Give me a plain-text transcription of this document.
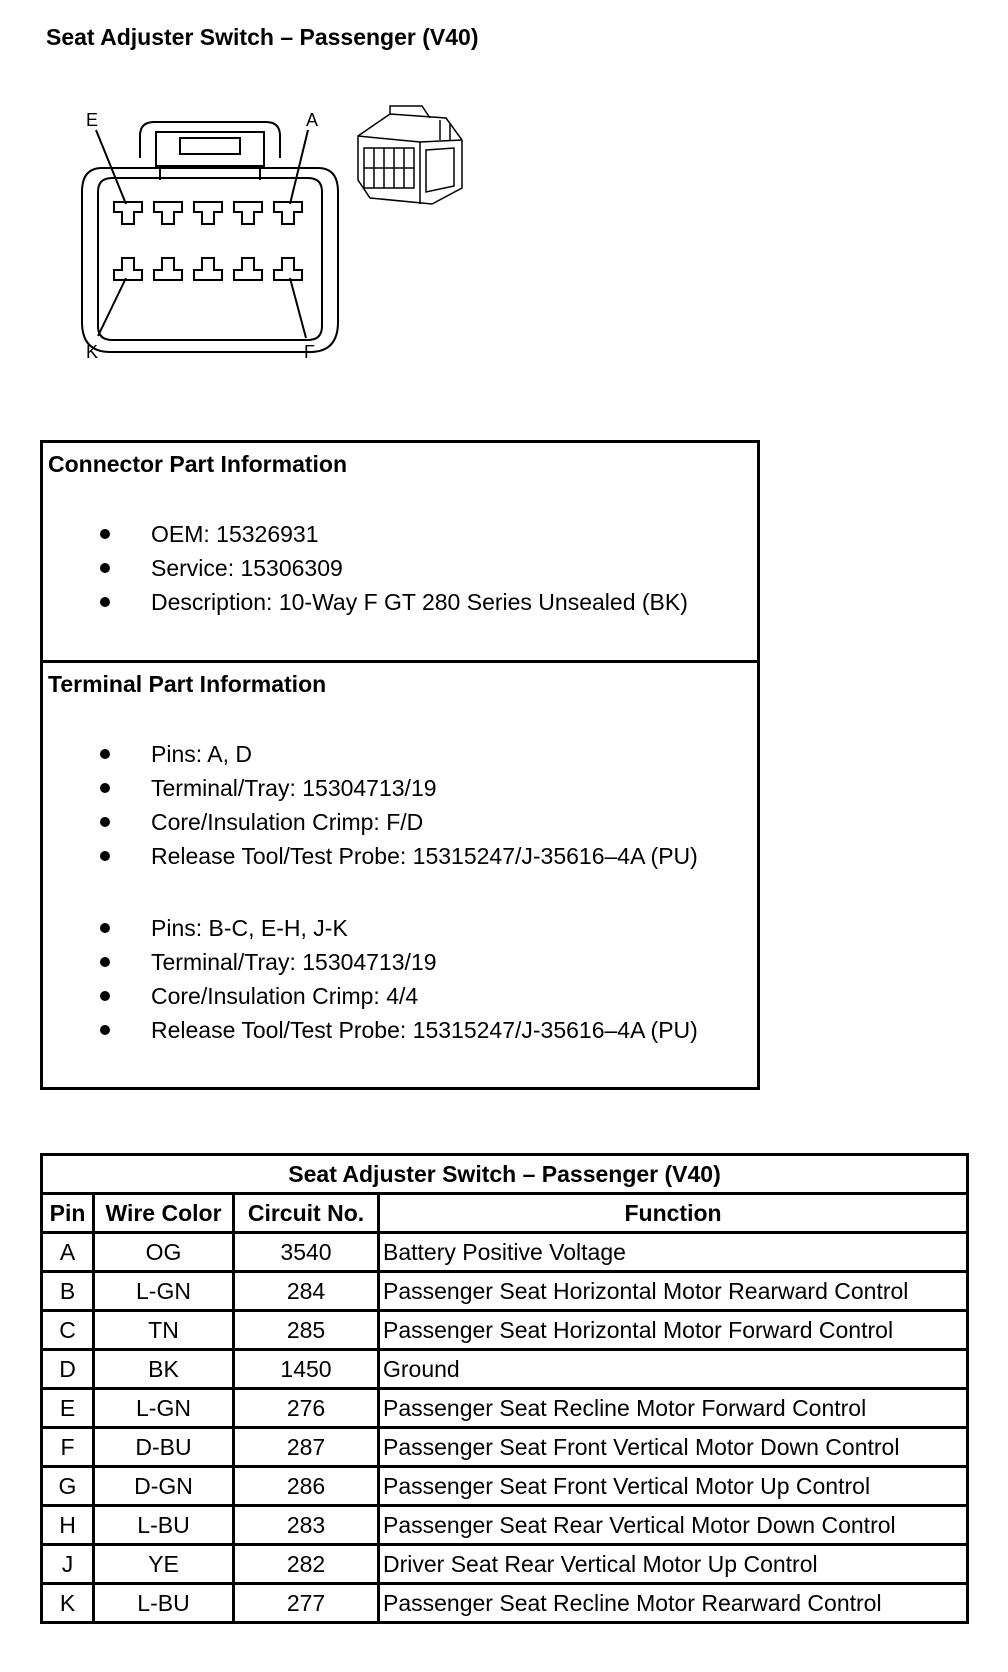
Seat Adjuster Switch – Passenger (V40)
E	A
K	F
Connector Part Information
OEM: 15326931
Service: 15306309
Description: 10-Way F GT 280 Series Unsealed (BK)
Terminal Part Information
Pins: A, D
Terminal/Tray: 15304713/19
Core/Insulation Crimp: F/D
Release Tool/Test Probe: 15315247/J-35616–4A (PU)
Pins: B-C, E-H, J-K
Terminal/Tray: 15304713/19
Core/Insulation Crimp: 4/4
Release Tool/Test Probe: 15315247/J-35616–4A (PU)
Seat Adjuster Switch – Passenger (V40)			
Pin	Wire Color	Circuit No.	Function
A	OG	3540	Battery Positive Voltage
B	L-GN	284	Passenger Seat Horizontal Motor Rearward Control
C	TN	285	Passenger Seat Horizontal Motor Forward Control
D	BK	1450	Ground
E	L-GN	276	Passenger Seat Recline Motor Forward Control
F	D-BU	287	Passenger Seat Front Vertical Motor Down Control
G	D-GN	286	Passenger Seat Front Vertical Motor Up Control
H	L-BU	283	Passenger Seat Rear Vertical Motor Down Control
J	YE	282	Driver Seat Rear Vertical Motor Up Control
K	L-BU	277	Passenger Seat Recline Motor Rearward Control
